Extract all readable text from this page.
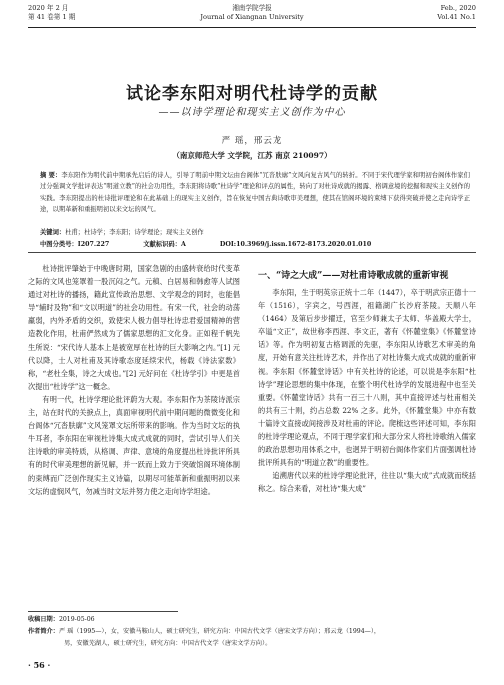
2020 年 2 月
第 41 卷第 1 期
湘南学院学报
Journal of Xiangnan University
Feb., 2020
Vol.41 No.1
试论李东阳对明代杜诗学的贡献
——以诗学理论和现实主义创作为中心
严 瑶，邢云龙
（南京师范大学 文学院，江苏 南京 210097）
摘 要：李东阳作为明代前中期承先启后的诗人，引导了明前中期文坛由台阁体“冗沓肤廓”文风向复古风气的转折。不同于宋代理学家和明初台阁体作家们过分强调文学批评表达“明道立教”的社会功用性，李东阳将诗歌“杜诗学”理论和评点的属性，转向了对杜诗成就的揭露、格调意境的挖掘和现实主义创作的实践。李东阳提出的杜诗批评理论和在此基础上的现实主义创作，旨在恢复中国古典诗歌审美理想，使其在馆阁环境的束缚下获得突破并使之走向诗学正途，以期革新和重振明初以来文坛的风气。
关键词：杜甫；杜诗学；李东阳；诗学理论；现实主义创作
中图分类号：I207.227	文献标识码：A	DOI:10.3969/j.issn.1672-8173.2020.01.010

杜诗批评肇始于中晚唐时期，国家急剧的由盛转衰给时代变革之际的文风也笼罩着一股沉闷之气。元稹、白居易和韩愈等人试图通过对杜诗的播扬，籍此宣传政治思想、文学观念的同时，也能倡导“辅时及物”和“文以明道”的社会功用性。有宋一代，社会的动荡羸弱，内外矛盾的交织，致使宋人极力倡导杜诗忠君爱国精神的营造教化作用，杜甫俨然成为了儒家思想的汇文化身。正如程千帆先生所说：“宋代诗人基本上是被宽厚在杜诗的巨大影响之内。”[1] 元代以降，士人对杜甫及其诗歌态度延续宋代，杨载《诗法家数》称，“老杜全集，诗之大成也。”[2] 元好问在《杜诗学引》中更是首次提出“杜诗学”这一概念。

有明一代，杜诗学理论批评蔚为大观。李东阳作为茶陵诗派宗主，站在时代的关捩点上，真面审视明代前中期问题的微微变化和台阁体“冗沓肤廓”文风笼罩文坛所带来的影响。作为当时文坛的执牛耳者，李东阳在审视杜诗集大成式成就的同时，尝试引导人们关注诗歌的审美特质，从格调、声律、意境的角度提出杜诗批评所具有的时代审美理想的新见解，并一跃而上致力于突破馆阁环境体制的束缚而广泛创作现实主义诗篇，以期尽可能革新和重振明初以来文坛的虚悯风气，勿减当时文坛并努力使之走向诗学坦途。

一、“诗之大成”——对杜甫诗歌成就的重新审视

李东阳，生于明英宗正统十二年（1447），卒于明武宗正德十一年（1516），字宾之，号西涯，祖籍湖广长沙府茶陵。天顺八年（1464）及第后步步擢迁，官至少师兼太子太师、华盖殿大学士，卒谥“文正”，故世称李西涯、李文正，著有《怀麓堂集》《怀麓堂诗话》等。作为明初复古格调派的先驱，李东阳从诗歌艺术审美的角度，开始有意关注杜诗艺术，并作出了对杜诗集大成式成就的重新审视。李东阳《怀麓堂诗话》中有关杜诗的论述，可以说是李东阳“杜诗学”理论思想的集中体现，在整个明代杜诗学的发展进程中也至关重要。《怀麓堂诗话》共有一百三十八则，其中直接评述与杜甫相关的共有三十则，约占总数 22% 之多。此外，《怀麓堂集》中亦有数十篇诗文直接或间接涉及对杜甫的评论。爬梳这些评述可知，李东阳的杜诗学理论观点，不同于理学家们和大部分宋人将杜诗歌纳入儒家的政治思想功用体系之中，也迥异于明初台阁体作家们片面强调杜诗批评所具有的“明道立教”的重要性。

追溯唐代以来的杜诗学理论批评，往往以“集大成”式成就而统括称之。综合来看，对杜诗“集大成”

收稿日期：2019-05-06
作者简介：严 瑶（1995—），女，安徽马鞍山人，硕士研究生，研究方向：中国古代文学（唐宋文学方向）；邢云龙（1994—），
男，安徽芜湖人，硕士研究生，研究方向：中国古代文学（唐宋文学方向）。
· 56 ·
